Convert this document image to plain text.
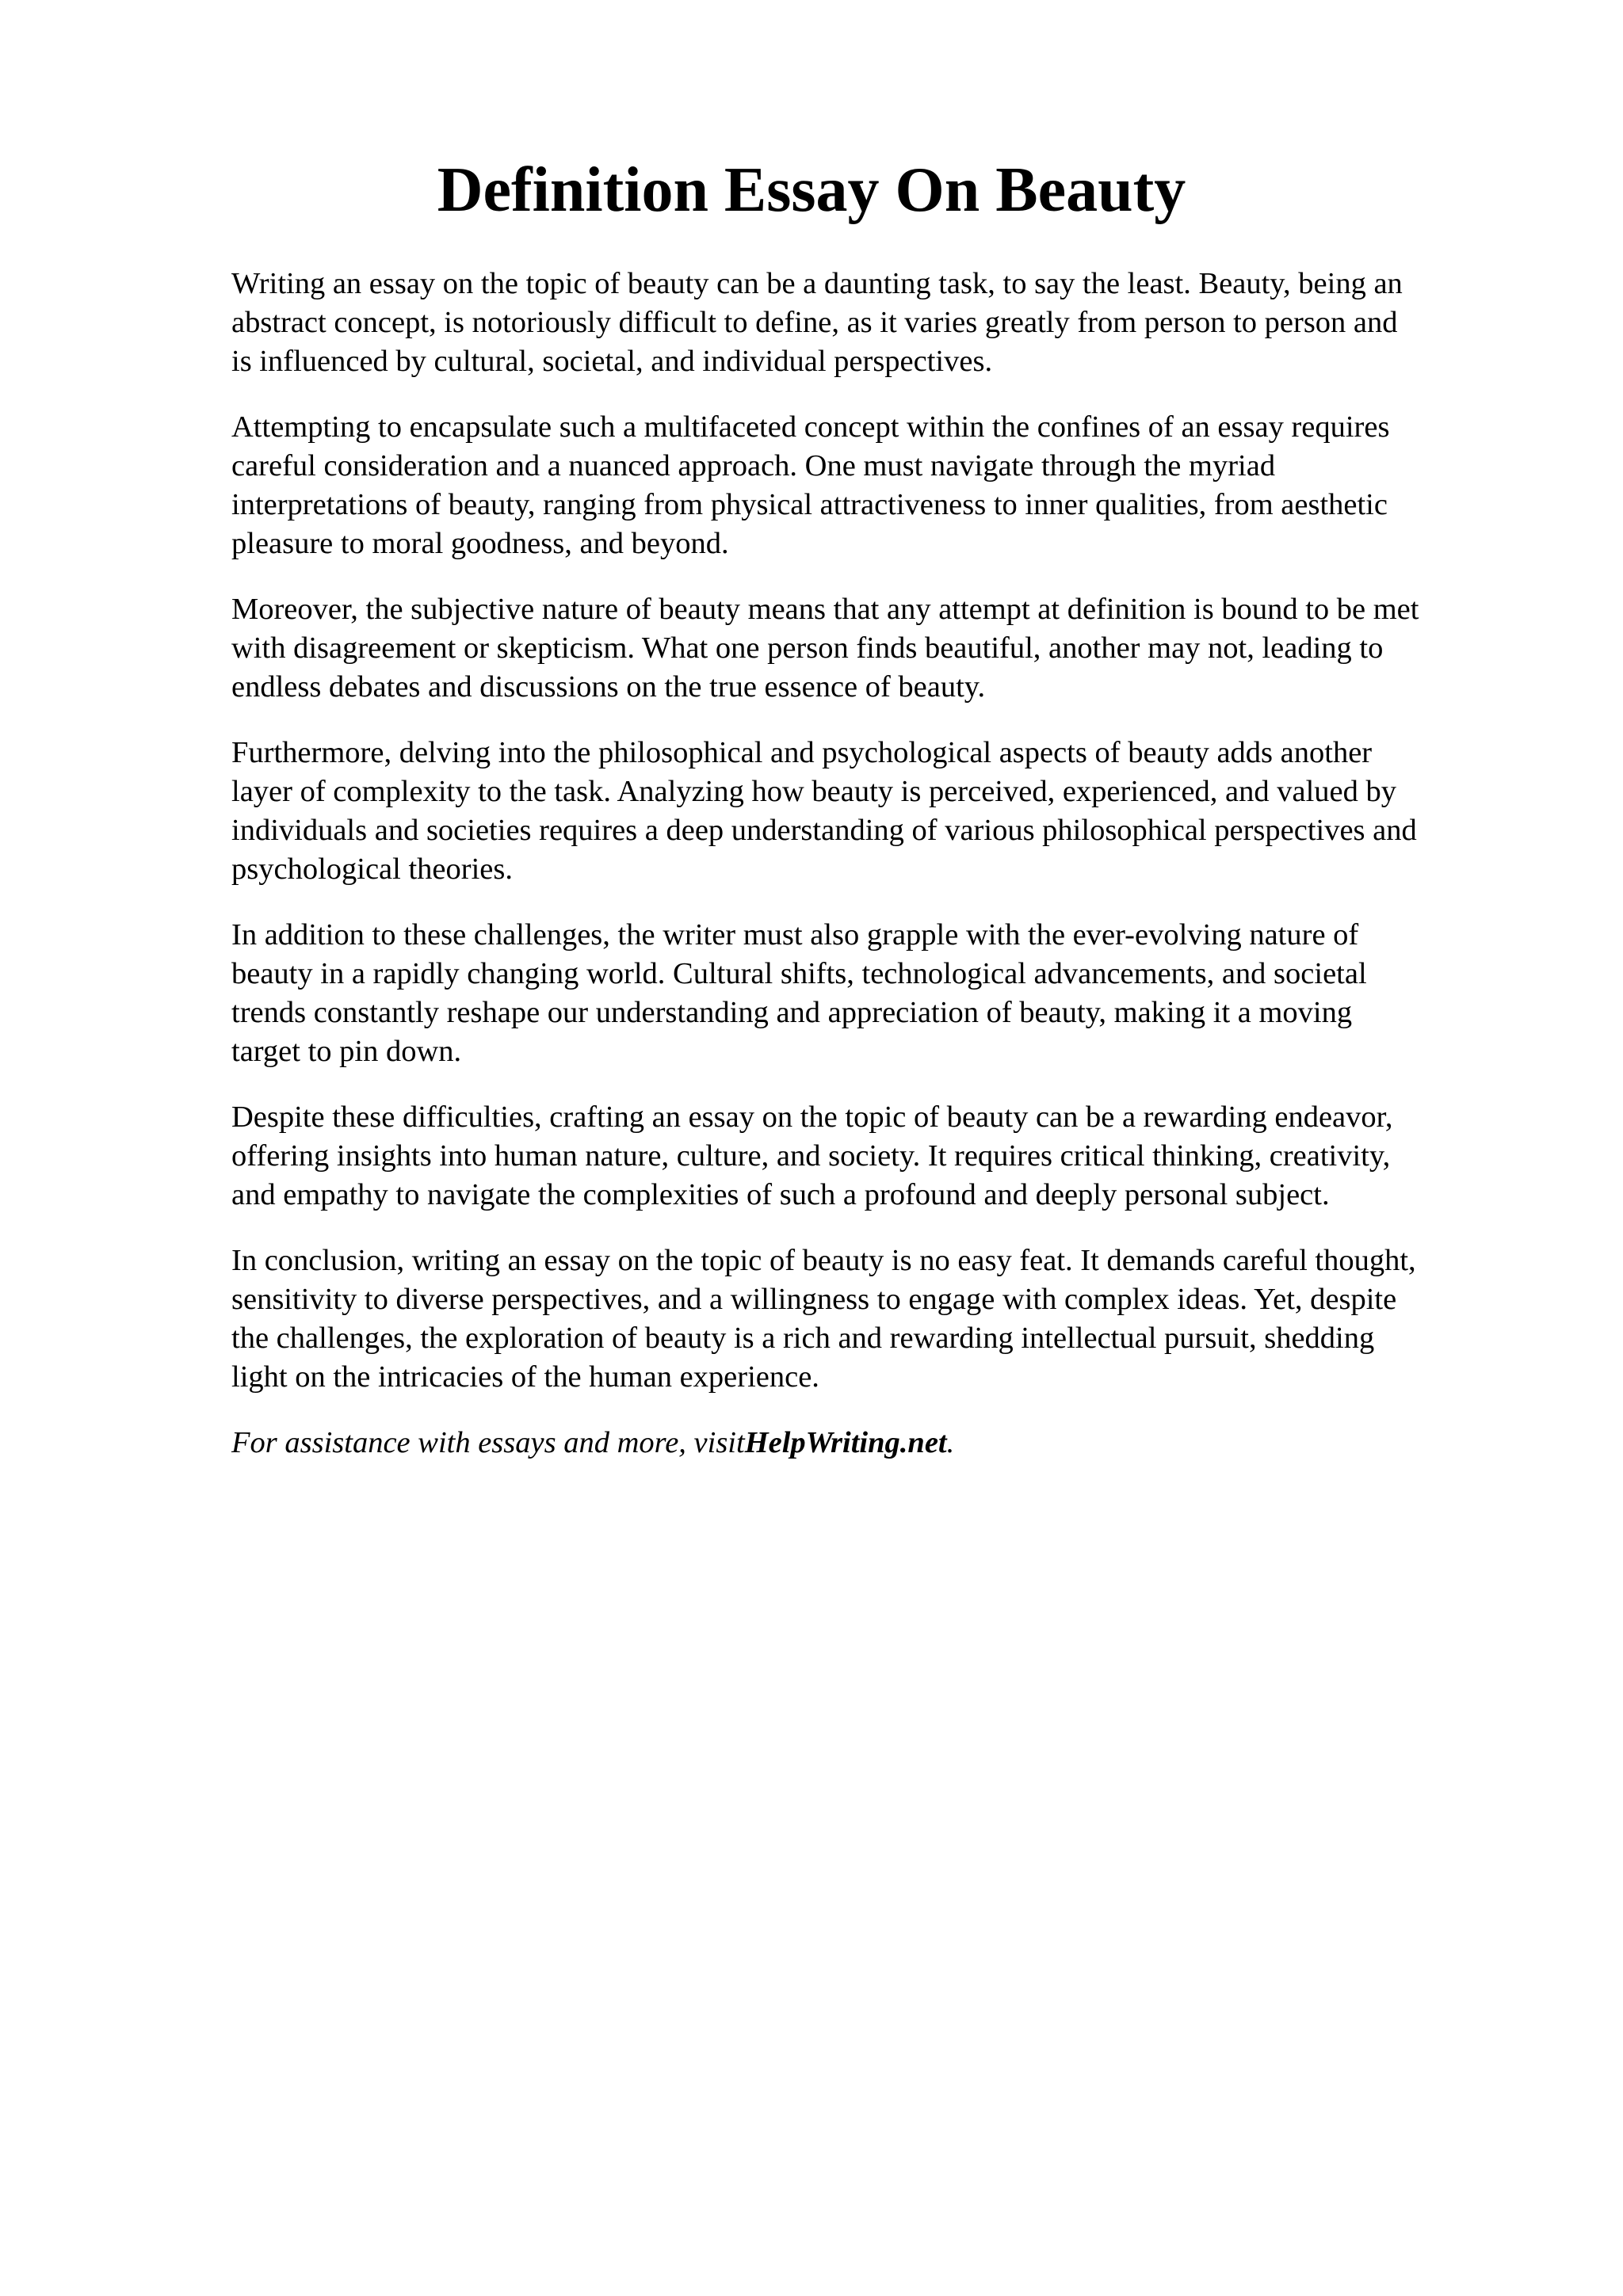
Definition Essay On Beauty

Writing an essay on the topic of beauty can be a daunting task, to say the least. Beauty, being an
abstract concept, is notoriously difficult to define, as it varies greatly from person to person and
is influenced by cultural, societal, and individual perspectives.

Attempting to encapsulate such a multifaceted concept within the confines of an essay requires
careful consideration and a nuanced approach. One must navigate through the myriad
interpretations of beauty, ranging from physical attractiveness to inner qualities, from aesthetic
pleasure to moral goodness, and beyond.

Moreover, the subjective nature of beauty means that any attempt at definition is bound to be met
with disagreement or skepticism. What one person finds beautiful, another may not, leading to
endless debates and discussions on the true essence of beauty.

Furthermore, delving into the philosophical and psychological aspects of beauty adds another
layer of complexity to the task. Analyzing how beauty is perceived, experienced, and valued by
individuals and societies requires a deep understanding of various philosophical perspectives and
psychological theories.

In addition to these challenges, the writer must also grapple with the ever-evolving nature of
beauty in a rapidly changing world. Cultural shifts, technological advancements, and societal
trends constantly reshape our understanding and appreciation of beauty, making it a moving
target to pin down.

Despite these difficulties, crafting an essay on the topic of beauty can be a rewarding endeavor,
offering insights into human nature, culture, and society. It requires critical thinking, creativity,
and empathy to navigate the complexities of such a profound and deeply personal subject.

In conclusion, writing an essay on the topic of beauty is no easy feat. It demands careful thought,
sensitivity to diverse perspectives, and a willingness to engage with complex ideas. Yet, despite
the challenges, the exploration of beauty is a rich and rewarding intellectual pursuit, shedding
light on the intricacies of the human experience.

For assistance with essays and more, visitHelpWriting.net.
